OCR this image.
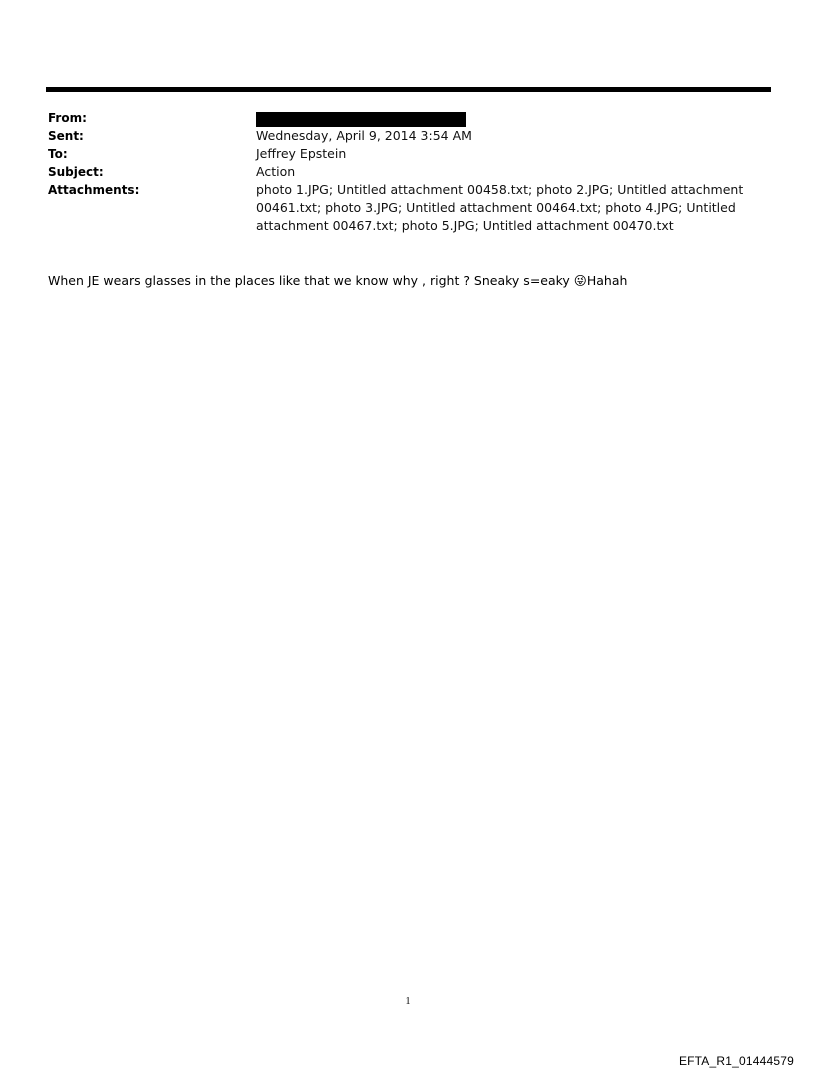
From:
Sent:	Wednesday, April 9, 2014 3:54 AM
To:	Jeffrey Epstein
Subject:	Action
Attachments:	photo 1.JPG; Untitled attachment 00458.txt; photo 2.JPG; Untitled attachment 00461.txt; photo 3.JPG; Untitled attachment 00464.txt; photo 4.JPG; Untitled attachment 00467.txt; photo 5.JPG; Untitled attachment 00470.txt
When JE wears glasses in the places like that we know why , right ? Sneaky s=eaky 😜Hahah
1
EFTA_R1_01444579
